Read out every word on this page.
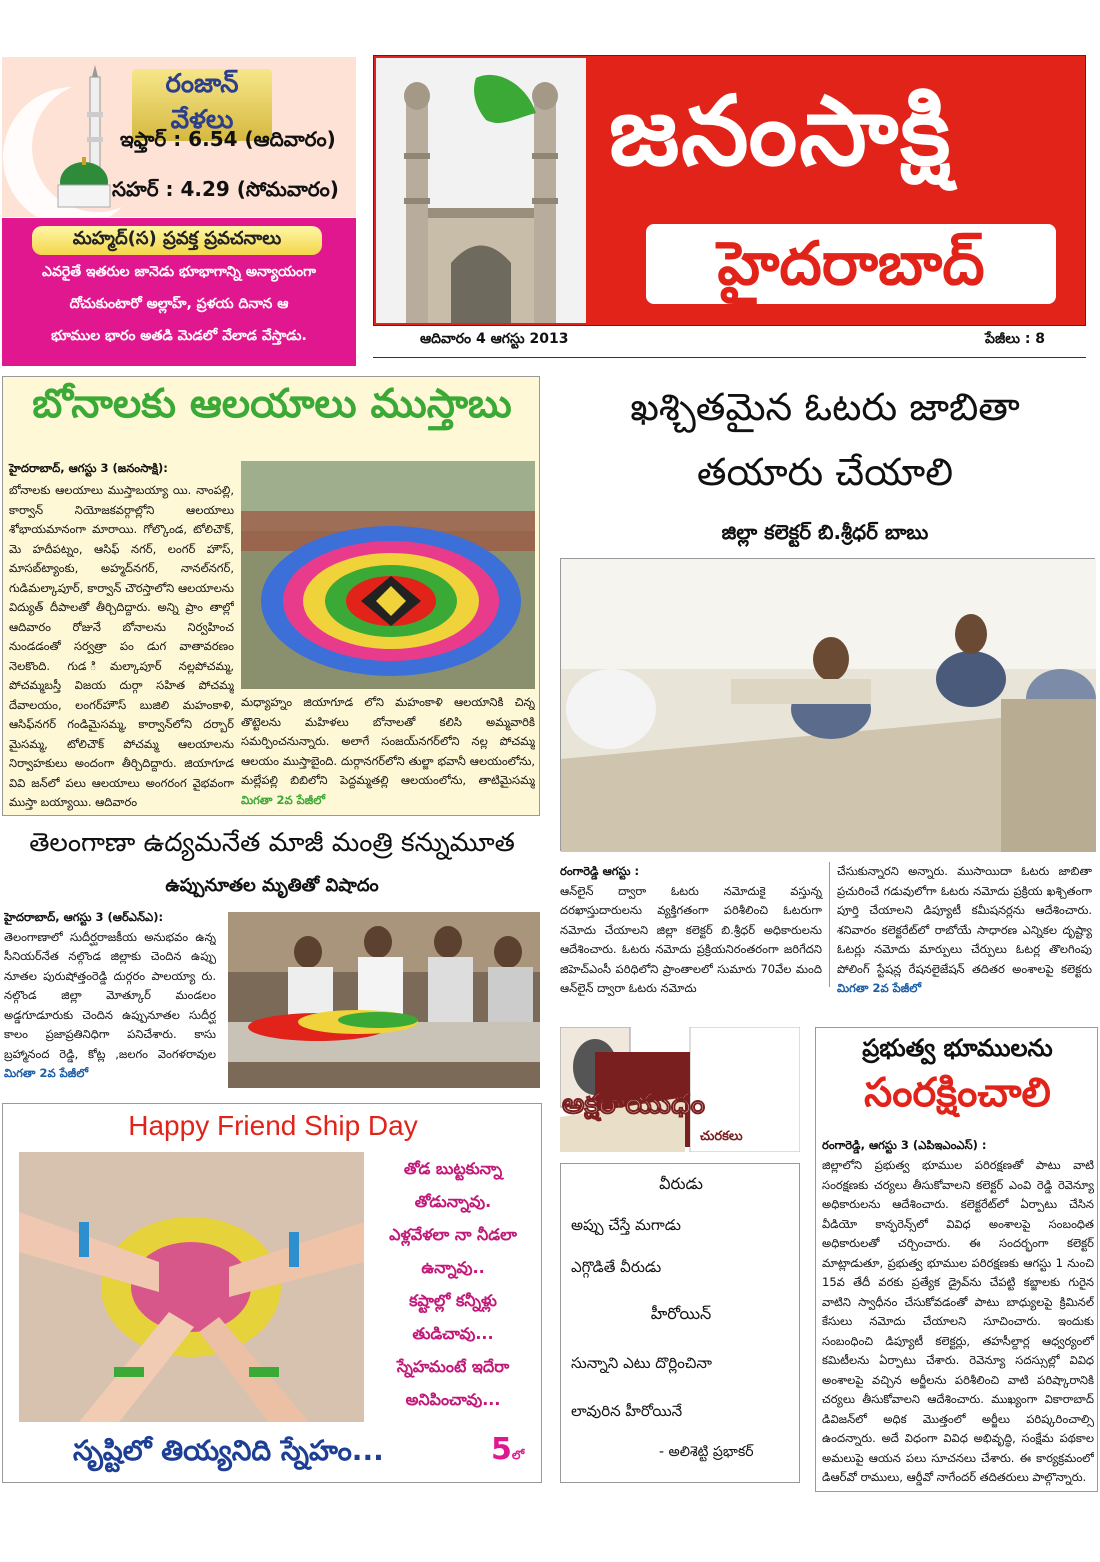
రంజాన్ వేళలు
ఇఫ్తార్ : 6.54 (ఆదివారం)
సహర్ : 4.29 (సోమవారం)
మహ్మద్(స) ప్రవక్త ప్రవచనాలు
ఎవరైతే ఇతరుల జానెడు భూభాగాన్ని అన్యాయంగా
దోచుకుంటారో అల్లాహ్, ప్రళయ దినాన ఆ
భూముల భారం అతడి మెడలో వేలాడ వేస్తాడు.
జనంసాక్షి
హైదరాబాద్
ఆదివారం 4 ఆగస్టు 2013	పేజీలు : 8
బోనాలకు ఆలయాలు ముస్తాబు
హైదరాబాద్, ఆగస్టు 3 (జనంసాక్షి):
బోనాలకు ఆలయాలు ముస్తాబయ్యా యి. నాంపల్లి, కార్వాన్ నియోజకవర్గాల్లోని ఆలయాలు శోభాయమానంగా మారాయి. గోల్కొండ, టోలిచౌక్, మె హదీపట్నం, ఆసిఫ్ నగర్, లంగర్ హౌస్, మాసబ్‌ట్యాంకు, అహ్మద్‌నగర్, నానల్‌నగర్, గుడిమల్కాపూర్, కార్వాన్ చౌరస్తాలోని ఆలయాలను విద్యుత్ దీపాలతో తీర్చిదిద్దారు. అన్ని ప్రాం తాల్లో ఆదివారం రోజునే బోనాలను నిర్వహించ నుండడంతో సర్వత్రా పం డుగ వాతావరణం నెలకొంది. గుడ ిమల్కాపూర్ నల్లపోచమ్మ, పోచమ్మబస్తీ విజయ దుర్గా సహిత పోచమ్మ దేవాలయం, లంగర్‌హౌస్ బుజిలి మహంకాళి, ఆసిఫ్‌నగర్ గండిమైసమ్మ, కార్వాన్‌లోని దర్బార్ మైసమ్మ, టోలిచౌక్ పోచమ్మ ఆలయాలను నిర్వాహకులు అందంగా తీర్చిదిద్దారు. జియాగూడ వివి జన్‌లో పలు ఆలయాలు అంగరంగ వైభవంగా ముస్తా బయ్యాయి. ఆదివారం
మధ్యాహ్నం జియాగూడ లోని మహంకాళి ఆలయానికి చిన్న తొట్టెలను మహిళలు బోనాలతో కలిసి అమ్మవారికి సమర్పించనున్నారు. అలాగే సంజయ్‌నగర్‌లోని నల్ల పోచమ్మ ఆలయం ముస్తాబైంది. దుర్గానగర్‌లోని తుల్జా భవానీ ఆలయంలోను, మల్లేపల్లి బిబిలోని పెద్దమ్మతల్లి ఆలయంలోను, తాటిమైసమ్మ మిగతా 2వ పేజీలో
ఖశ్చితమైన ఓటరు జాబితా
తయారు చేయాలి
జిల్లా కలెక్టర్ బి.శ్రీధర్ బాబు
రంగారెడ్డి ఆగస్టు :
ఆన్‌లైన్ ద్వారా ఓటరు నమోదుకై వస్తున్న దరఖాస్తుదారులను వ్యక్తిగతంగా పరిశీలించి ఓటరుగా నమోదు చేయాలని జిల్లా కలెక్టర్ బి.శ్రీధర్ అధికారులను ఆదేశించారు. ఓటరు నమోదు ప్రక్రియనిరంతరంగా జరిగేదని జిహెచ్‌ఎంసీ పరిధిలోని ప్రాంతాలలో సుమారు 70వేల మంది ఆన్‌లైన్ ద్వారా ఓటరు నమోదు
చేసుకున్నారని అన్నారు. ముసాయిదా ఓటరు జాబితా ప్రచురించే గడువులోగా ఓటరు నమోదు ప్రక్రియ ఖశ్చితంగా పూర్తి చేయాలని డిప్యూటీ కమీషనర్లను ఆదేశించారు. శనివారం కలెక్టరేట్‌లో రాబోయే సాధారణ ఎన్నికల దృష్ట్యా ఓటర్లు నమోదు మార్పులు చేర్పులు ఓటర్ల తొలగింపు పోలింగ్ స్టేషన్ల రేషనలైజేషన్ తదితర అంశాలపై కలెక్టరు మిగతా 2వ పేజీలో
తెలంగాణా ఉద్యమనేత మాజీ మంత్రి కన్నుమూత
ఉప్పునూతల మృతితో విషాదం
హైదరాబాద్, ఆగస్టు 3 (ఆర్‌ఎన్‌ఎ):
తెలంగాణాలో సుదీర్ఘరాజకీయ అనుభవం ఉన్న సీనియర్‌నేత నల్గొండ జిల్లాకు చెందిన ఉప్పు నూతల పురుషోత్తంరెడ్డి దుర్గరం పాలయ్యా రు. నల్గొండ జిల్లా మోత్కూర్ మండలం అడ్డగూడూరుకు చెందిన ఉప్పునూతల సుదీర్ఘ కాలం ప్రజాప్రతినిధిగా పనిచేశారు. కాసు బ్రహ్మానంద రెడ్డి, కోట్ల ,జలగం వెంగళరావుల మిగతా 2వ పేజీలో
Happy Friend Ship Day
తోడ బుట్టకున్నా
తోడున్నావు.
ఎళ్లవేళలా నా నీడలా
ఉన్నావు..
కష్టాల్లో కన్నీళ్లు
తుడిచావు...
స్నేహమంటే ఇదేరా
అనిపించావు...
సృష్టిలో తియ్యనిది స్నేహం...	5లో
అక్షరాయుధం
చురకలు
వీరుడు
అప్పు చేస్తే మగాడు
ఎగ్గొడితే వీరుడు
హీరోయిన్
సున్నాని ఎటు దొర్లించినా
లావురిన హీరోయినే
- అలిశెట్టి ప్రభాకర్
ప్రభుత్వ భూములను
సంరక్షించాలి
రంగారెడ్డి, ఆగస్టు 3 (ఎపిఇఎంఎస్) :
జిల్లాలోని ప్రభుత్వ భూముల పరిరక్షణతో పాటు వాటి సంరక్షణకు చర్యలు తీసుకోవాలని కలెక్టర్ ఎంవి రెడ్డి రెవెన్యూ అధికారులను ఆదేశించారు. కలెక్టరేట్‌లో ఏర్పాటు చేసిన వీడియో కాన్ఫరెన్స్‌లో వివిధ అంశాలపై సంబంధిత అధికారులతో చర్చించారు. ఈ సందర్భంగా కలెక్టర్ మాట్లాడుతూ, ప్రభుత్వ భూముల పరిరక్షణకు ఆగస్టు 1 నుంచి 15వ తేదీ వరకు ప్రత్యేక డ్రైవ్‌ను చేపట్టి కబ్జాలకు గురైన వాటిని స్వాధీనం చేసుకోవడంతో పాటు బాధ్యులపై క్రిమినల్ కేసులు నమోదు చేయాలని సూచించారు. ఇందుకు సంబంధించి డిప్యూటీ కలెక్టర్లు, తహసీల్దార్ల ఆధ్వర్యంలో కమిటీలను ఏర్పాటు చేశారు. రెవెన్యూ సదస్సుల్లో వివిధ అంశాలపై వచ్చిన అర్జీలను పరిశీలించి వాటి పరిష్కారానికి చర్యలు తీసుకోవాలని ఆదేశించారు. ముఖ్యంగా వికారాబాద్ డివిజన్‌లో అధిక మొత్తంలో అర్జీలు పరిష్కరించాల్సి ఉందన్నారు. అదే విధంగా వివిధ అభివృద్ధి, సంక్షేమ పథకాల అమలుపై ఆయన పలు సూచనలు చేశారు. ఈ కార్యక్రమంలో డిఆర్‌వో రాములు, ఆర్డీవో నాగేందర్ తదితరులు పాల్గొన్నారు.
